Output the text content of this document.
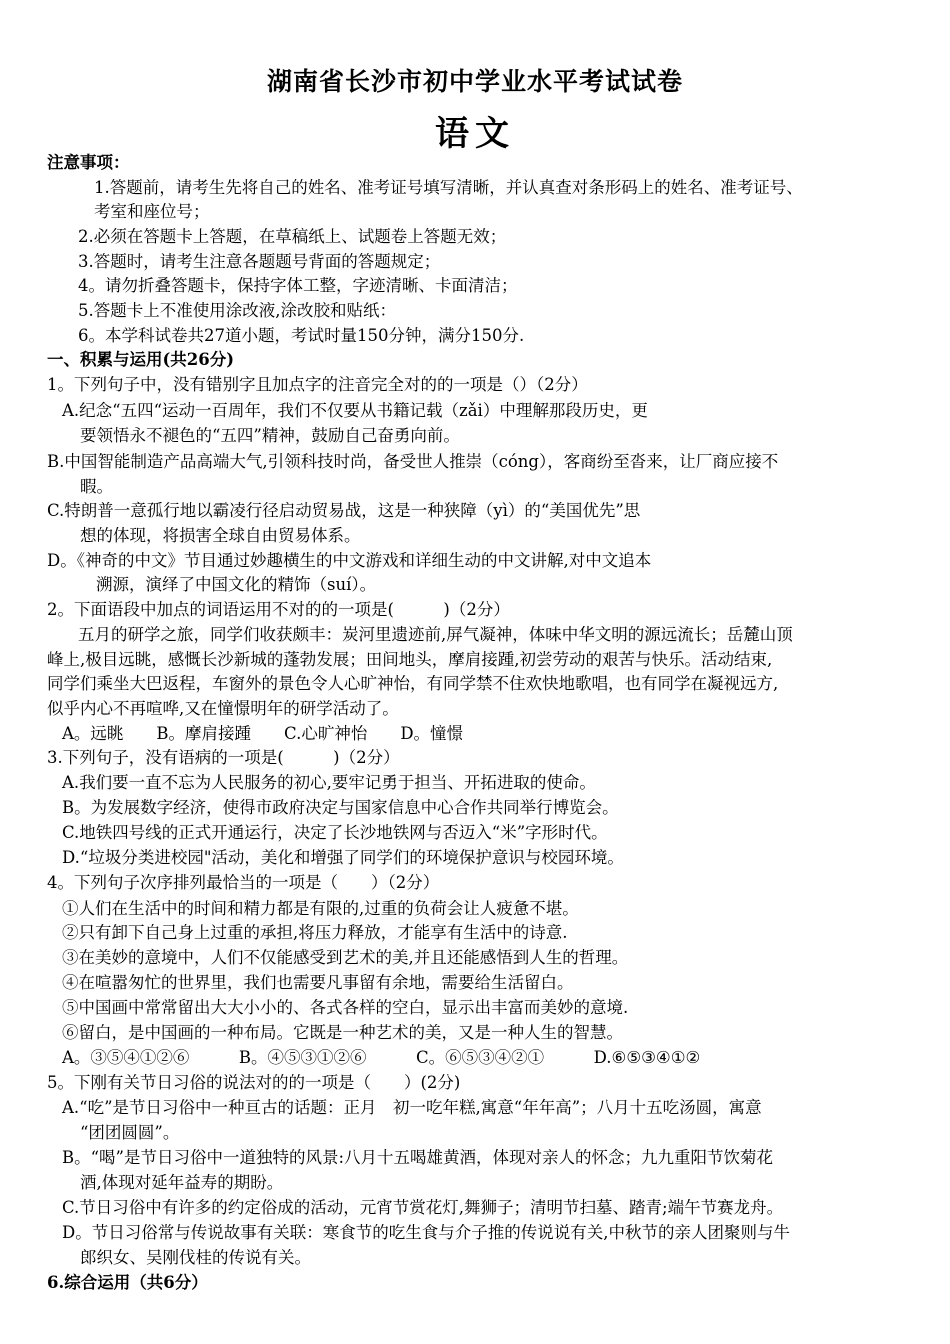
湖南省长沙市初中学业水平考试试卷
语文
注意事项：
1.答题前，请考生先将自己的姓名、准考证号填写清晰，并认真查对条形码上的姓名、准考证号、
考室和座位号；
2.必须在答题卡上答题，在草稿纸上、试题卷上答题无效；
3.答题时，请考生注意各题题号背面的答题规定；
4。请勿折叠答题卡，保持字体工整，字迹清晰、卡面清洁；
5.答题卡上不准使用涂改液,涂改胶和贴纸：
6。本学科试卷共27道小题，考试时量150分钟，满分150分.
一、积累与运用(共26分)
1。下列句子中，没有错别字且加点字的注音完全对的的一项是（）（2分）
A.纪念“五四“运动一百周年，我们不仅要从书籍记载（zǎi）中理解那段历史，更
要领悟永不褪色的“五四”精神，鼓励自己奋勇向前。
B.中国智能制造产品高端大气,引领科技时尚，备受世人推崇（cóng），客商纷至沓来，让厂商应接不
暇。
C.特朗普一意孤行地以霸凌行径启动贸易战，这是一种狭障（yì）的“美国优先”思
想的体现，将损害全球自由贸易体系。
D。《神奇的中文》节目通过妙趣横生的中文游戏和详细生动的中文讲解,对中文追本
溯源，演绎了中国文化的精饰（suí）。
2。下面语段中加点的词语运用不对的的一项是(　　　)（2分）
五月的研学之旅，同学们收获颇丰：炭河里遗迹前,屏气凝神，体味中华文明的源远流长；岳麓山顶
峰上,极目远眺，感慨长沙新城的蓬勃发展；田间地头，摩肩接踵,初尝劳动的艰苦与快乐。活动结束,
同学们乘坐大巴返程，车窗外的景色令人心旷神怡，有同学禁不住欢快地歌唱，也有同学在凝视远方,
似乎内心不再喧哗,又在憧憬明年的研学活动了。
A。远眺　　B。摩肩接踵　　C.心旷神怡　　D。憧憬
3.下列句子，没有语病的一项是(　　　)（2分）
A.我们要一直不忘为人民服务的初心,要牢记勇于担当、开拓进取的使命。
B。为发展数字经济，使得市政府决定与国家信息中心合作共同举行博览会。
C.地铁四号线的正式开通运行，决定了长沙地铁网与否迈入“米”字形时代。
D.“垃圾分类进校园"活动，美化和增强了同学们的环境保护意识与校园环境。
4。下列句子次序排列最恰当的一项是（　　）（2分）
①人们在生活中的时间和精力都是有限的,过重的负荷会让人疲惫不堪。
②只有卸下自己身上过重的承担,将压力释放，才能享有生活中的诗意.
③在美妙的意境中，人们不仅能感受到艺术的美,并且还能感悟到人生的哲理。
④在喧嚣匆忙的世界里，我们也需要凡事留有余地，需要给生活留白。
⑤中国画中常常留出大大小小的、各式各样的空白，显示出丰富而美妙的意境.
⑥留白，是中国画的一种布局。它既是一种艺术的美，又是一种人生的智慧。
A。③⑤④①②⑥　　　B。④⑤③①②⑥　　　C。⑥⑤③④②①　　　D.⑥⑤③④①②
5。下刚有关节日习俗的说法对的的一项是（　　）(2分)
A.“吃”是节日习俗中一种亘古的话题：正月　初一吃年糕,寓意“年年高”；八月十五吃汤圆，寓意
“团团圆圆”。
B。“喝”是节日习俗中一道独特的风景:八月十五喝雄黄酒，体现对亲人的怀念；九九重阳节饮菊花
酒,体现对延年益寿的期盼。
C.节日习俗中有许多的约定俗成的活动，元宵节赏花灯,舞狮子；清明节扫墓、踏青;端午节赛龙舟。
D。节日习俗常与传说故事有关联：寒食节的吃生食与介子推的传说说有关,中秋节的亲人团聚则与牛
郎织女、吴刚伐桂的传说有关。
6.综合运用（共6分）
